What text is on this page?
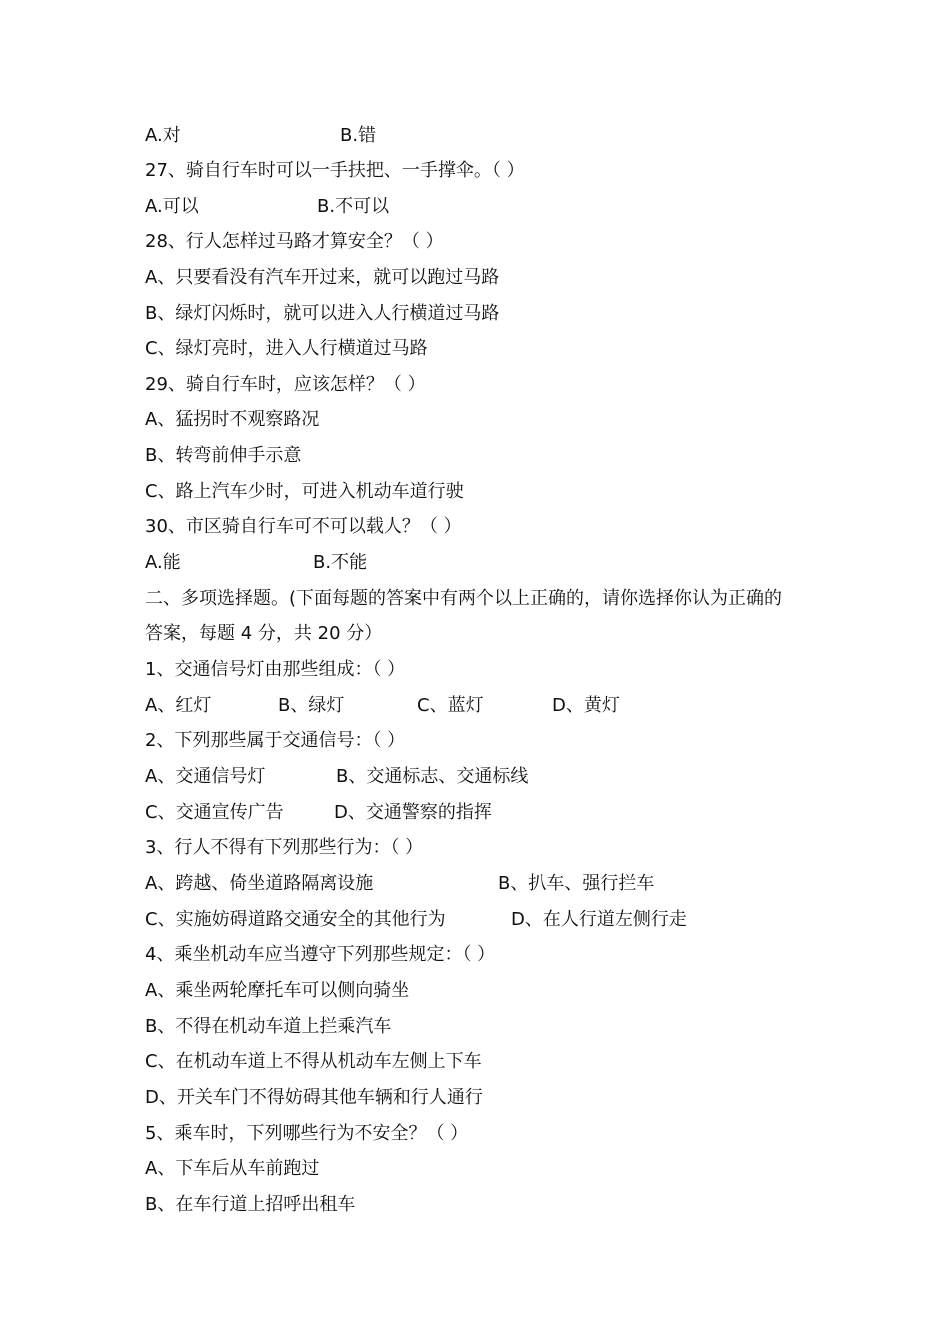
A.对	B.错
27、骑自行车时可以一手扶把、一手撑伞。（ ）
A.可以	B.不可以
28、行人怎样过马路才算安全？（ ）
A、只要看没有汽车开过来，就可以跑过马路
B、绿灯闪烁时，就可以进入人行横道过马路
C、绿灯亮时，进入人行横道过马路
29、骑自行车时，应该怎样？（ ）
A、猛拐时不观察路况
B、转弯前伸手示意
C、路上汽车少时，可进入机动车道行驶
30、市区骑自行车可不可以载人？（ ）
A.能	B.不能
二、多项选择题。(下面每题的答案中有两个以上正确的，请你选择你认为正确的
答案，每题 4 分，共 20 分）
1、交通信号灯由那些组成：（ ）
A、红灯	B、绿灯	C、蓝灯	D、黄灯
2、下列那些属于交通信号：（ ）
A、交通信号灯	B、交通标志、交通标线
C、交通宣传广告	D、交通警察的指挥
3、行人不得有下列那些行为：（ ）
A、跨越、倚坐道路隔离设施	B、扒车、强行拦车
C、实施妨碍道路交通安全的其他行为	D、在人行道左侧行走
4、乘坐机动车应当遵守下列那些规定：（ ）
A、乘坐两轮摩托车可以侧向骑坐
B、不得在机动车道上拦乘汽车
C、在机动车道上不得从机动车左侧上下车
D、开关车门不得妨碍其他车辆和行人通行
5、乘车时，下列哪些行为不安全？（ ）
A、下车后从车前跑过
B、在车行道上招呼出租车
